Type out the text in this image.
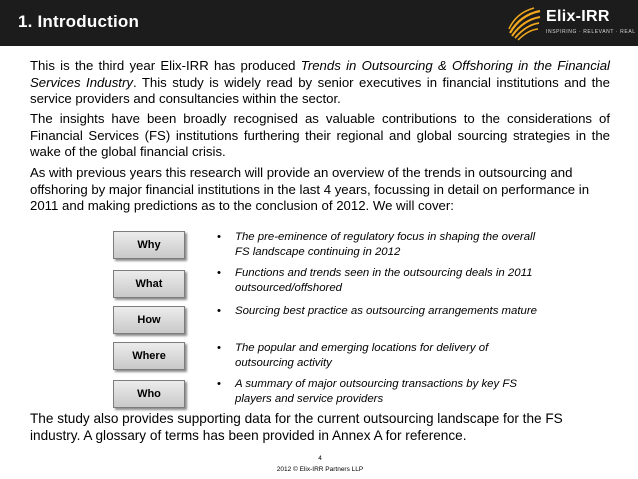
1. Introduction	Elix-IRR
INSPIRING · RELEVANT · REAL

This is the third year Elix-IRR has produced Trends in Outsourcing & Offshoring in the Financial Services Industry. This study is widely read by senior executives in financial institutions and the service providers and consultancies within the sector.

The insights have been broadly recognised as valuable contributions to the considerations of Financial Services (FS) institutions furthering their regional and global sourcing strategies in the wake of the global financial crisis.

As with previous years this research will provide an overview of the trends in outsourcing and offshoring by major financial institutions in the last 4 years, focussing in detail on performance in 2011 and making predictions as to the conclusion of 2012. We will cover:

Why
• The pre-eminence of regulatory focus in shaping the overall FS landscape continuing in 2012
What
• Functions and trends seen in the outsourcing deals in 2011 outsourced/offshored
How
• Sourcing best practice as outsourcing arrangements mature
Where
• The popular and emerging locations for delivery of outsourcing activity
Who
• A summary of major outsourcing transactions by key FS players and service providers

The study also provides supporting data for the current outsourcing landscape for the FS industry. A glossary of terms has been provided in Annex A for reference.

4
2012 © Elix-IRR Partners LLP
